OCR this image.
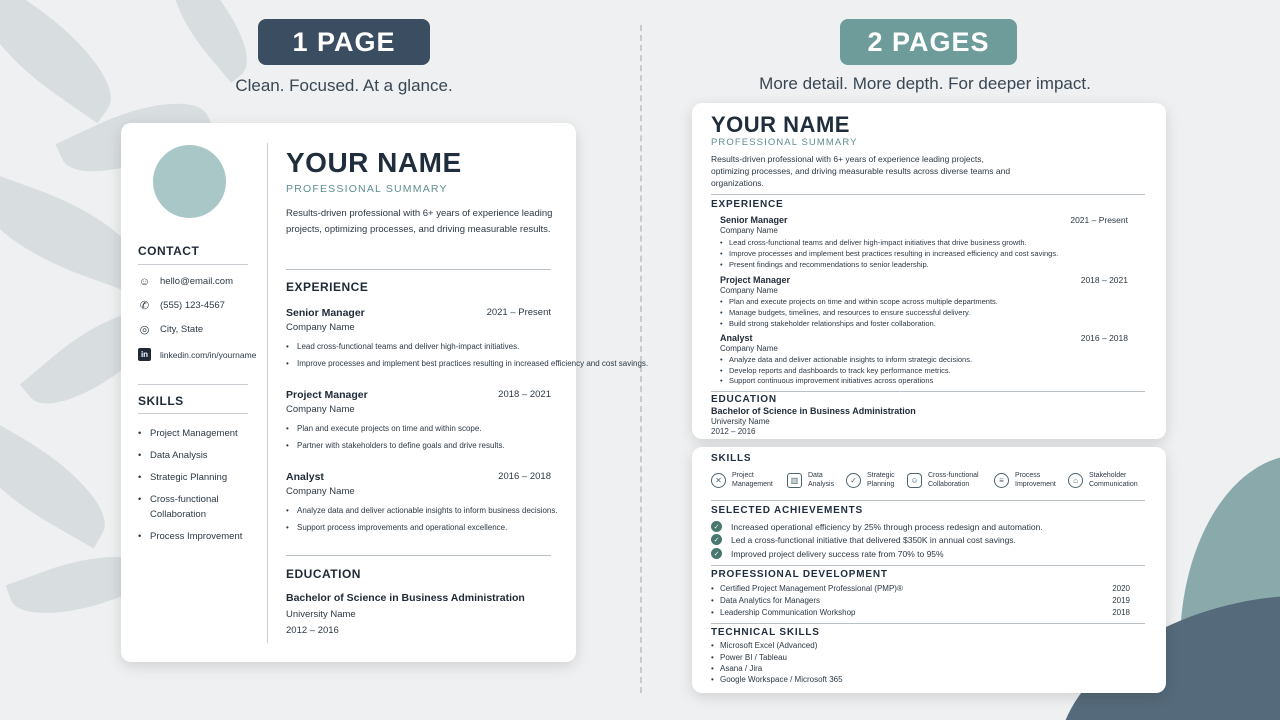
1 PAGE
Clean. Focused. At a glance.
2 PAGES
More detail. More depth. For deeper impact.
CONTACT
☺ hello@email.com
✆ (555) 123-4567
◎ City, State
in	linkedin.com/in/yourname
SKILLS
• Project Management
• Data Analysis
• Strategic Planning
• Cross-functional Collaboration
• Process Improvement
YOUR NAME
PROFESSIONAL SUMMARY
Results-driven professional with 6+ years of experience leading projects, optimizing processes, and driving measurable results.
EXPERIENCE
Senior Manager	2021 – Present
Company Name
• Lead cross-functional teams and deliver high-impact initiatives.
• Improve processes and implement best practices resulting in increased efficiency and cost savings.
Project Manager	2018 – 2021
Company Name
• Plan and execute projects on time and within scope.
• Partner with stakeholders to define goals and drive results.
Analyst	2016 – 2018
Company Name
• Analyze data and deliver actionable insights to inform business decisions.
• Support process improvements and operational excellence.
EDUCATION
Bachelor of Science in Business Administration
University Name
2012 – 2016
YOUR NAME
PROFESSIONAL SUMMARY
Results-driven professional with 6+ years of experience leading projects, optimizing processes, and driving measurable results across diverse teams and organizations.
EXPERIENCE
Senior Manager	2021 – Present
Company Name
• Lead cross-functional teams and deliver high-impact initiatives that drive business growth.
• Improve processes and implement best practices resulting in increased efficiency and cost savings.
• Present findings and recommendations to senior leadership.
Project Manager	2018 – 2021
Company Name
• Plan and execute projects on time and within scope across multiple departments.
• Manage budgets, timelines, and resources to ensure successful delivery.
• Build strong stakeholder relationships and foster collaboration.
Analyst	2016 – 2018
Company Name
• Analyze data and deliver actionable insights to inform strategic decisions.
• Develop reports and dashboards to track key performance metrics.
• Support continuous improvement initiatives across operations
EDUCATION
Bachelor of Science in Business Administration
University Name
2012 – 2016
SKILLS
✕	Project
Management	▥	Data
Analysis	✓	Strategic
Planning	☺	Cross-functional
Collaboration	≡	Process
Improvement	⌂	Stakeholder
Communication
SELECTED ACHIEVEMENTS
✓	Increased operational efficiency by 25% through process redesign and automation.
✓	Led a cross-functional initiative that delivered $350K in annual cost savings.
✓	Improved project delivery success rate from 70% to 95%
PROFESSIONAL DEVELOPMENT
• Certified Project Management Professional (PMP)®	2020
• Data Analytics for Managers	2019
• Leadership Communication Workshop	2018
TECHNICAL SKILLS
• Microsoft Excel (Advanced)
• Power BI / Tableau
• Asana / Jira
• Google Workspace / Microsoft 365
